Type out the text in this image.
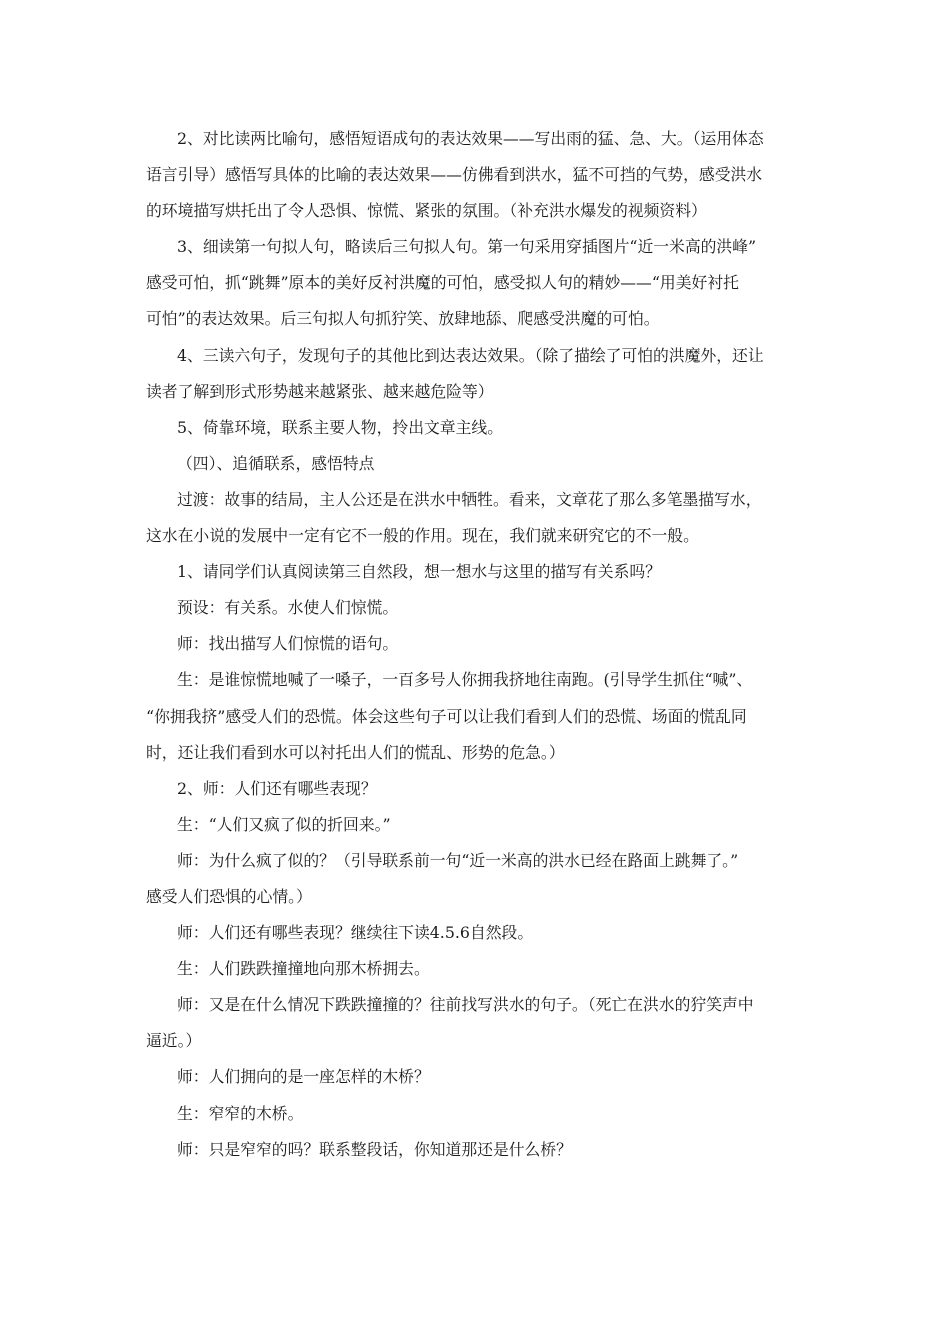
2、对比读两比喻句，感悟短语成句的表达效果——写出雨的猛、急、大。（运用体态
语言引导）感悟写具体的比喻的表达效果——仿佛看到洪水，猛不可挡的气势，感受洪水
的环境描写烘托出了令人恐惧、惊慌、紧张的氛围。（补充洪水爆发的视频资料）
3、细读第一句拟人句，略读后三句拟人句。第一句采用穿插图片“近一米高的洪峰”
感受可怕，抓“跳舞”原本的美好反衬洪魔的可怕，感受拟人句的精妙——“用美好衬托
可怕”的表达效果。后三句拟人句抓狞笑、放肆地舔、爬感受洪魔的可怕。
4、三读六句子，发现句子的其他比到达表达效果。（除了描绘了可怕的洪魔外，还让
读者了解到形式形势越来越紧张、越来越危险等）
5、倚靠环境，联系主要人物，拎出文章主线。
（四）、追循联系，感悟特点
过渡：故事的结局，主人公还是在洪水中牺牲。看来，文章花了那么多笔墨描写水，
这水在小说的发展中一定有它不一般的作用。现在，我们就来研究它的不一般。
1、请同学们认真阅读第三自然段，想一想水与这里的描写有关系吗？
预设：有关系。水使人们惊慌。
师：找出描写人们惊慌的语句。
生：是谁惊慌地喊了一嗓子，一百多号人你拥我挤地往南跑。(引导学生抓住“喊”、
“你拥我挤”感受人们的恐慌。体会这些句子可以让我们看到人们的恐慌、场面的慌乱同
时，还让我们看到水可以衬托出人们的慌乱、形势的危急。）
2、师：人们还有哪些表现？
生：“人们又疯了似的折回来。”
师：为什么疯了似的？（引导联系前一句“近一米高的洪水已经在路面上跳舞了。”
感受人们恐惧的心情。）
师：人们还有哪些表现？继续往下读4.5.6自然段。
生：人们跌跌撞撞地向那木桥拥去。
师：又是在什么情况下跌跌撞撞的？往前找写洪水的句子。（死亡在洪水的狞笑声中
逼近。）
师：人们拥向的是一座怎样的木桥？
生：窄窄的木桥。
师：只是窄窄的吗？联系整段话，你知道那还是什么桥？
